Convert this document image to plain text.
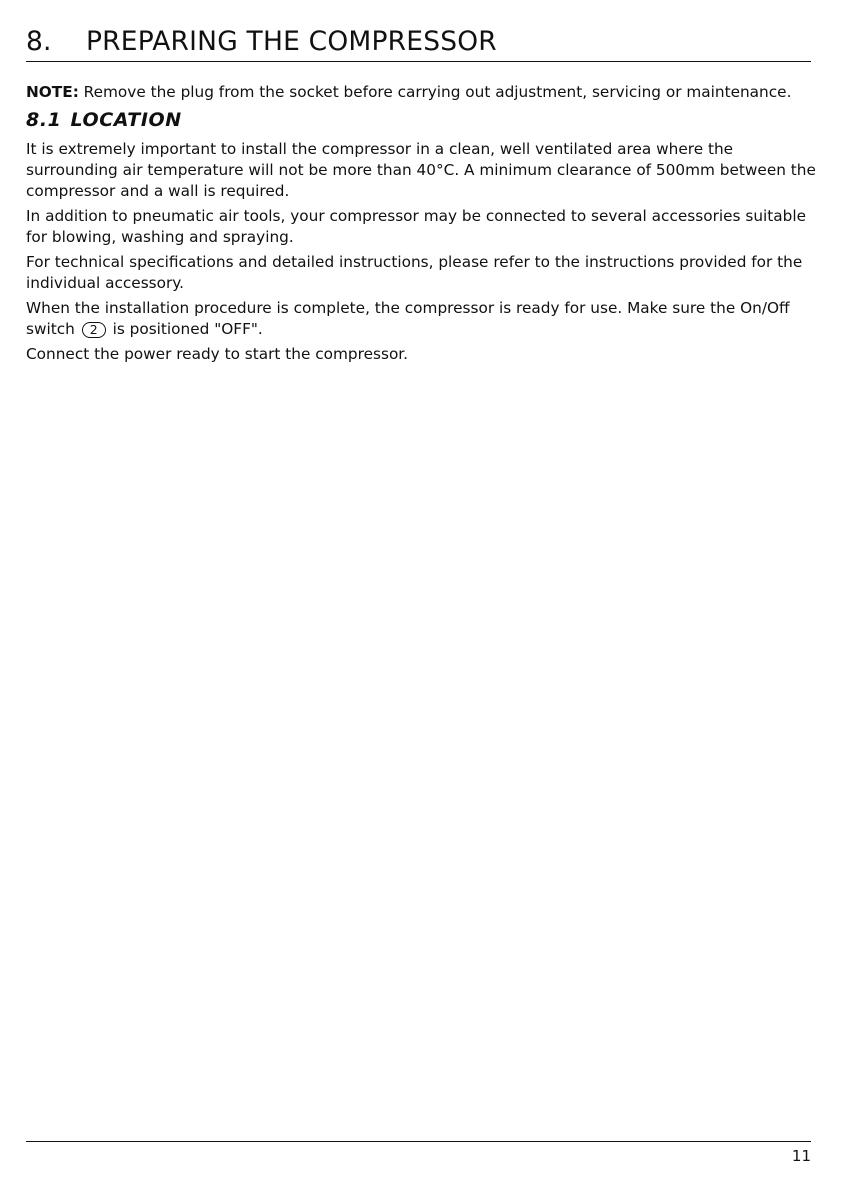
8. PREPARING THE COMPRESSOR

NOTE: Remove the plug from the socket before carrying out adjustment, servicing or maintenance.

8.1 LOCATION

It is extremely important to install the compressor in a clean, well ventilated area where the surrounding air temperature will not be more than 40°C. A minimum clearance of 500mm between the compressor and a wall is required.

In addition to pneumatic air tools, your compressor may be connected to several accessories suitable for blowing, washing and spraying.

For technical specifications and detailed instructions, please refer to the instructions provided for the individual accessory.

When the installation procedure is complete, the compressor is ready for use. Make sure the On/Off switch 2 is positioned "OFF".

Connect the power ready to start the compressor.

11
